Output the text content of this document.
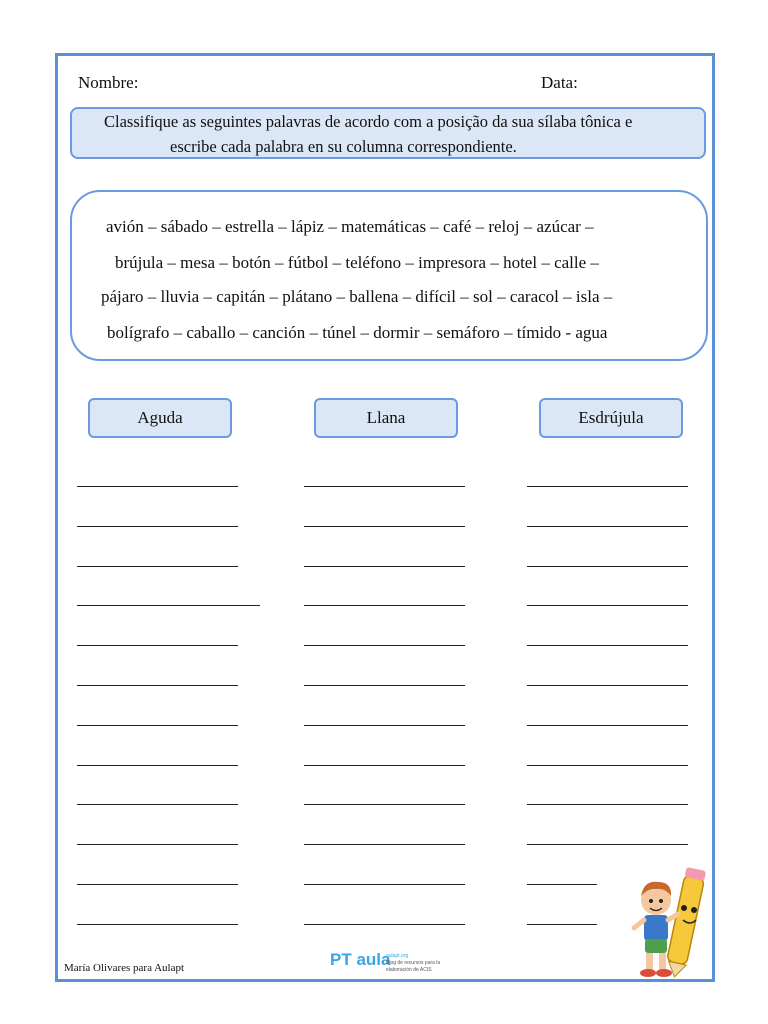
Nombre:	Data:
Classifique as seguintes palavras de acordo com a posição da sua sílaba tônica e
escribe cada palabra en su columna correspondiente.
avión – sábado – estrella – lápiz – matemáticas – café – reloj – azúcar –
brújula – mesa – botón – fútbol – teléfono – impresora – hotel – calle –
pájaro – lluvia – capitán – plátano – ballena – difícil – sol – caracol – isla –
bolígrafo – caballo – canción – túnel – dormir – semáforo – tímido - agua
Aguda	Llana	Esdrújula
María Olivares para Aulapt	PT aula
aulapt.org
Blog de recursos para la elaboración de ACIS
